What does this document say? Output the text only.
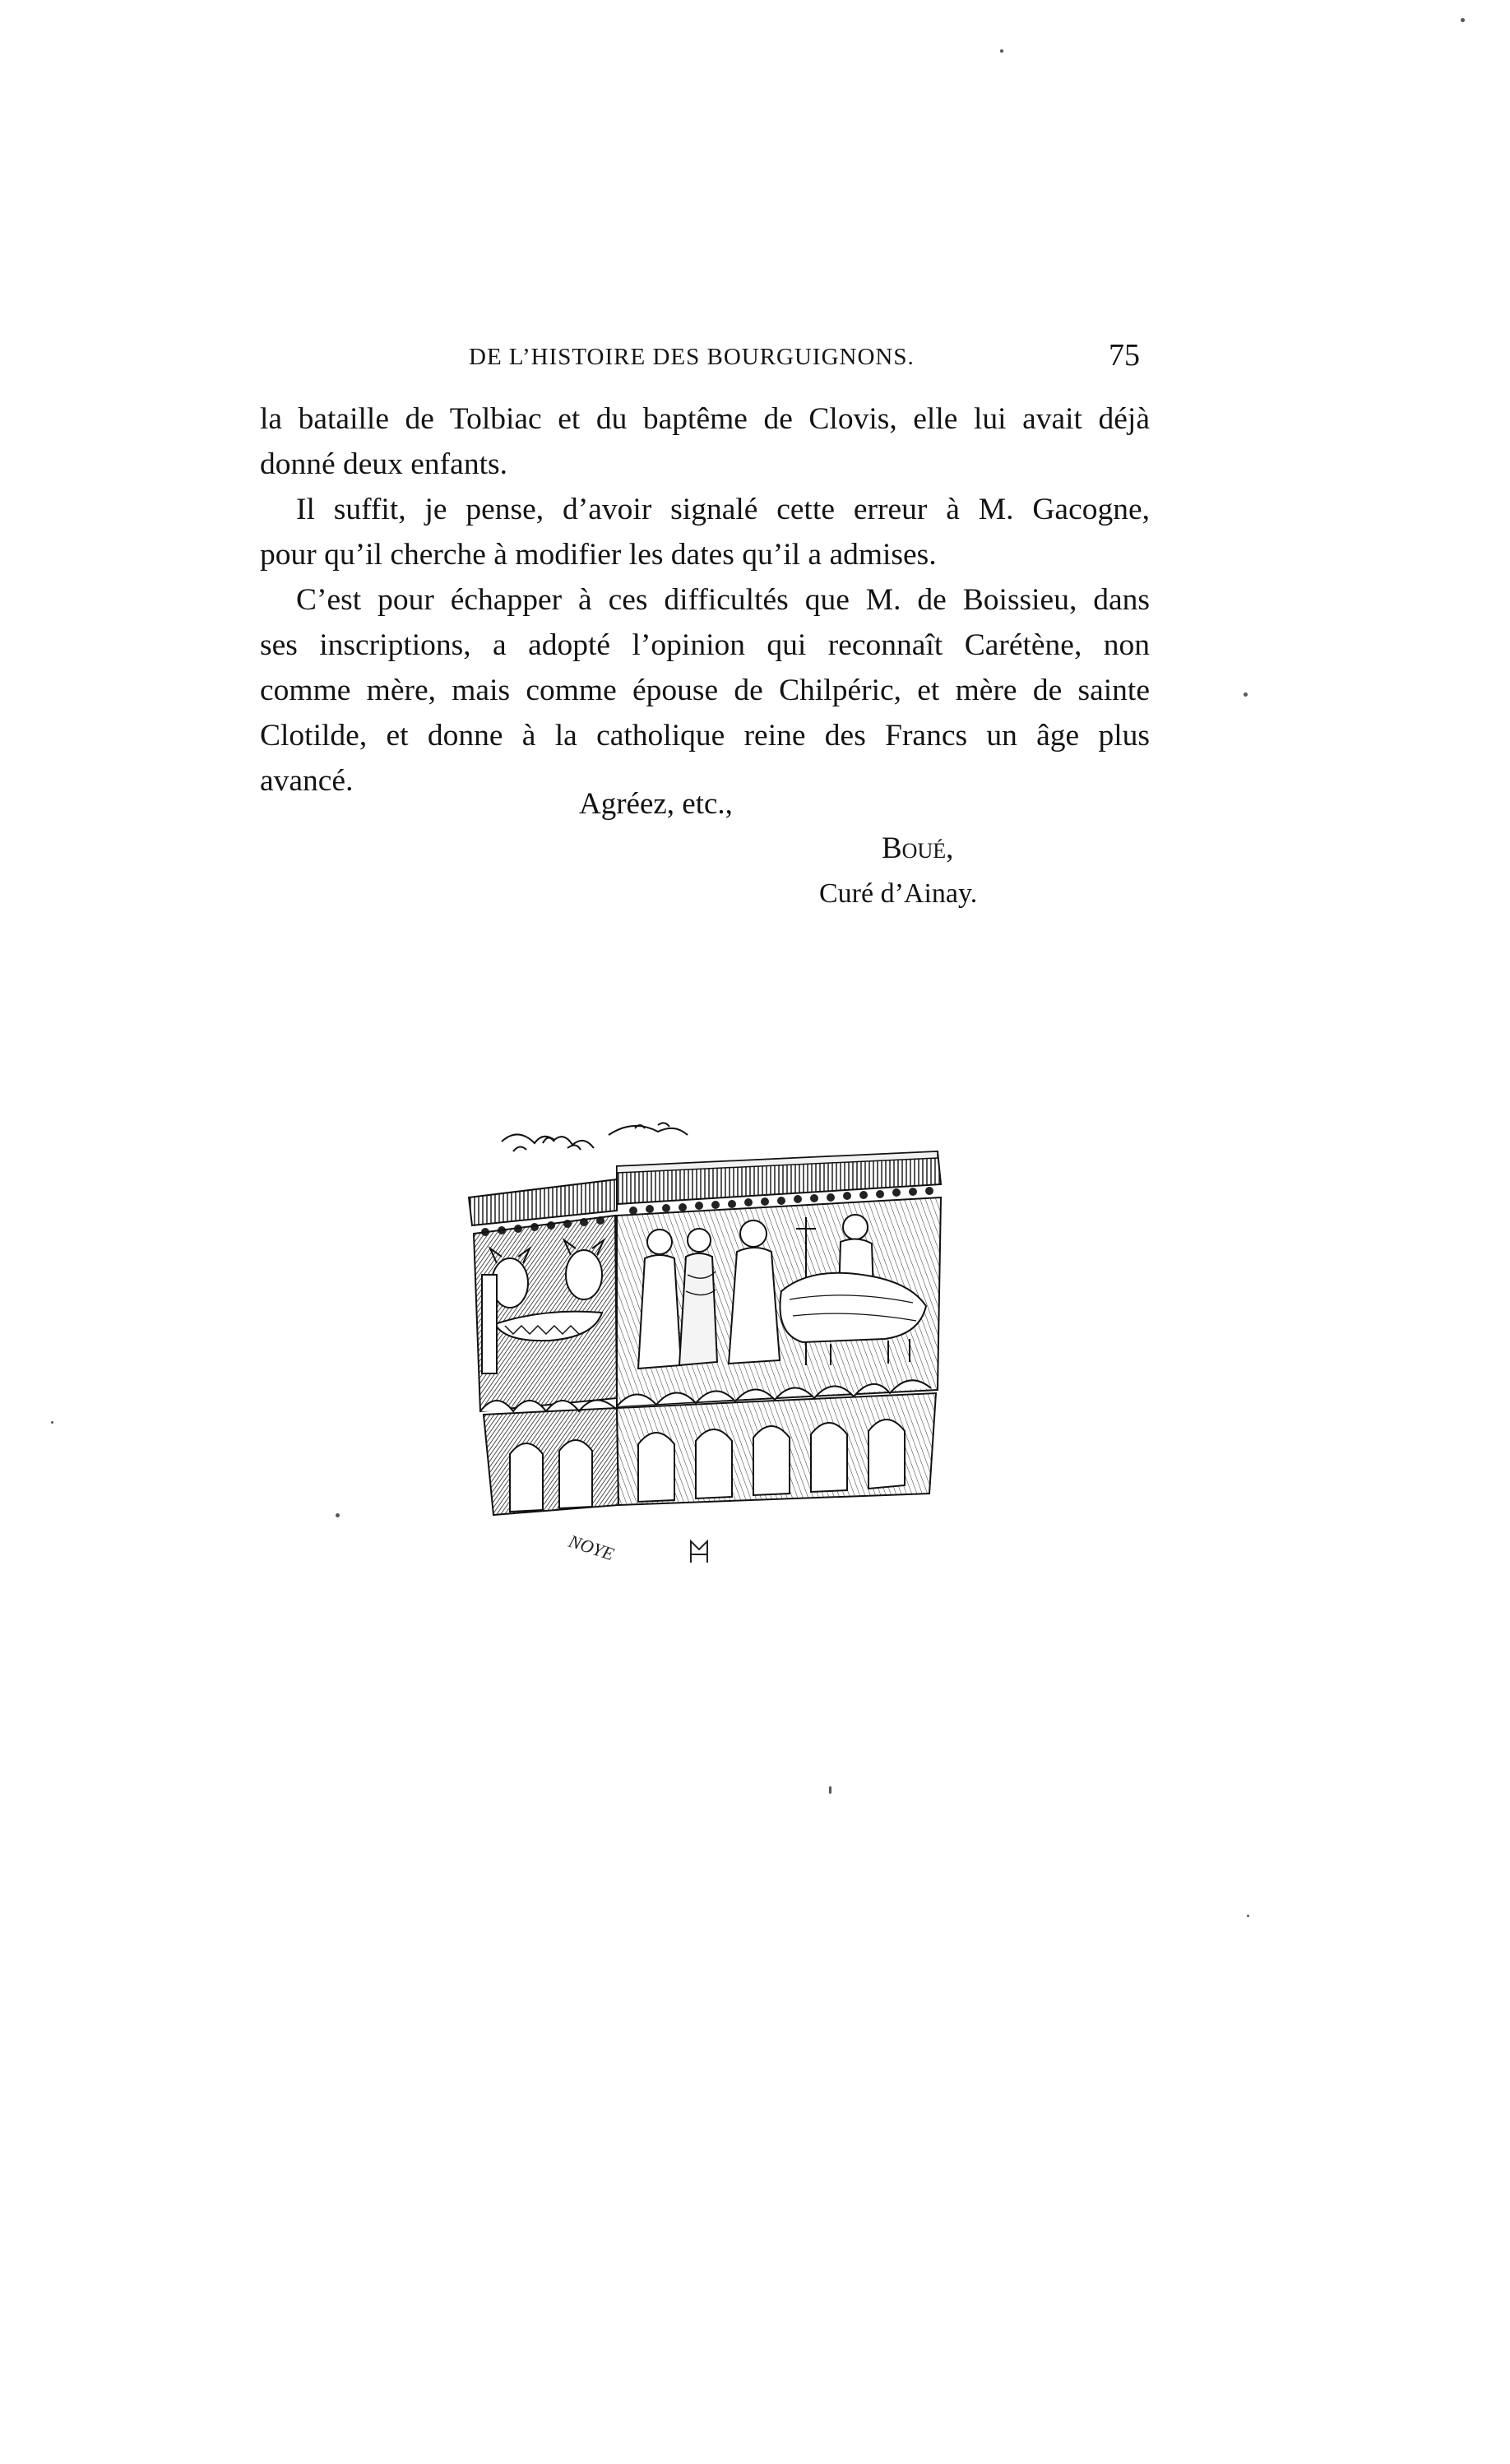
DE L’HISTOIRE DES BOURGUIGNONS.	75
la bataille de Tolbiac et du baptême de Clovis, elle lui avait déjà
donné deux enfants.
Il suffit, je pense, d’avoir signalé cette erreur à M. Gacogne,
pour qu’il cherche à modifier les dates qu’il a admises.
C’est pour échapper à ces difficultés que M. de Boissieu, dans
ses inscriptions, a adopté l’opinion qui reconnaît Carétène, non
comme mère, mais comme épouse de Chilpéric, et mère de sainte
Clotilde, et donne à la catholique reine des Francs un âge plus
avancé.
Agréez, etc.,
Boué,
Curé d’Ainay.
NOYE
